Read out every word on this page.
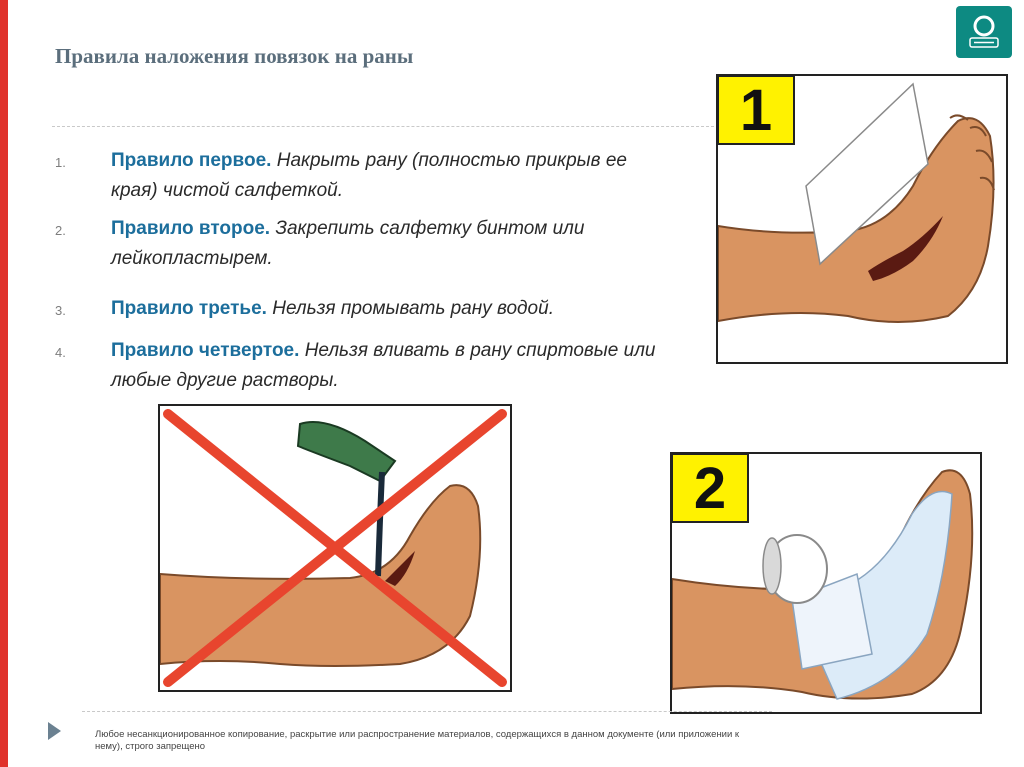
Правила наложения повязок на раны
1. Правило первое. Накрыть рану (полностью прикрыв ее края) чистой салфеткой.
2. Правило второе. Закрепить салфетку бинтом или лейкопластырем.
3. Правило третье. Нельзя промывать рану водой.
4. Правило четвертое. Нельзя вливать в рану спиртовые или любые другие растворы.
1
2

Любое несанкционированное копирование, раскрытие или распространение материалов, содержащихся в данном документе (или приложении к нему), строго запрещено
